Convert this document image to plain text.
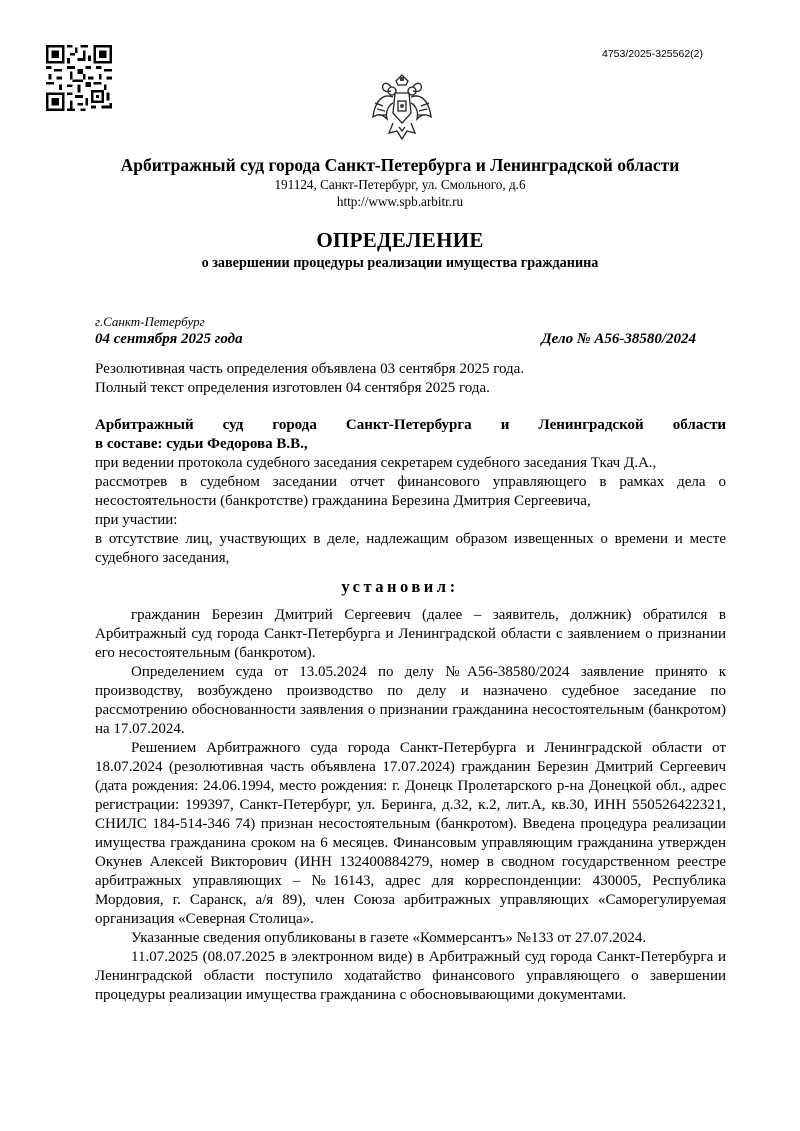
4753/2025-325562(2)
Арбитражный суд города Санкт-Петербурга и Ленинградской области
191124, Санкт-Петербург, ул. Смольного, д.6
http://www.spb.arbitr.ru
ОПРЕДЕЛЕНИЕ
о завершении процедуры реализации имущества гражданина
г.Санкт-Петербург
04 сентября 2025 года	Дело № А56-38580/2024

Резолютивная часть определения объявлена 03 сентября 2025 года.

Полный текст определения изготовлен 04 сентября 2025 года.

Арбитражный суд города Санкт-Петербурга и Ленинградской области

в составе: судьи Федорова В.В.,

при ведении протокола судебного заседания секретарем судебного заседания Ткач Д.А.,

рассмотрев в судебном заседании отчет финансового управляющего в рамках дела о несостоятельности (банкротстве) гражданина Березина Дмитрия Сергеевича,

при участии:

в отсутствие лиц, участвующих в деле, надлежащим образом извещенных о времени и месте судебного заседания,

установил:

гражданин Березин Дмитрий Сергеевич (далее – заявитель, должник) обратился в Арбитражный суд города Санкт-Петербурга и Ленинградской области с заявлением о признании его несостоятельным (банкротом).

Определением суда от 13.05.2024 по делу №А56-38580/2024 заявление принято к производству, возбуждено производство по делу и назначено судебное заседание по рассмотрению обоснованности заявления о признании гражданина несостоятельным (банкротом) на 17.07.2024.

Решением Арбитражного суда города Санкт-Петербурга и Ленинградской области от 18.07.2024 (резолютивная часть объявлена 17.07.2024) гражданин Березин Дмитрий Сергеевич (дата рождения: 24.06.1994, место рождения: г. Донецк Пролетарского р-на Донецкой обл., адрес регистрации: 199397, Санкт-Петербург, ул. Беринга, д.32, к.2, лит.А, кв.30, ИНН 550526422321, СНИЛС 184-514-346 74) признан несостоятельным (банкротом). Введена процедура реализации имущества гражданина сроком на 6 месяцев. Финансовым управляющим гражданина утвержден Окунев Алексей Викторович (ИНН 132400884279, номер в сводном государственном реестре арбитражных управляющих – №16143, адрес для корреспонденции: 430005, Республика Мордовия, г. Саранск, а/я 89), член Союза арбитражных управляющих «Саморегулируемая организация «Северная Столица».

Указанные сведения опубликованы в газете «Коммерсантъ» №133 от 27.07.2024.

11.07.2025 (08.07.2025 в электронном виде) в Арбитражный суд города Санкт-Петербурга и Ленинградской области поступило ходатайство финансового управляющего о завершении процедуры реализации имущества гражданина с обосновывающими документами.
